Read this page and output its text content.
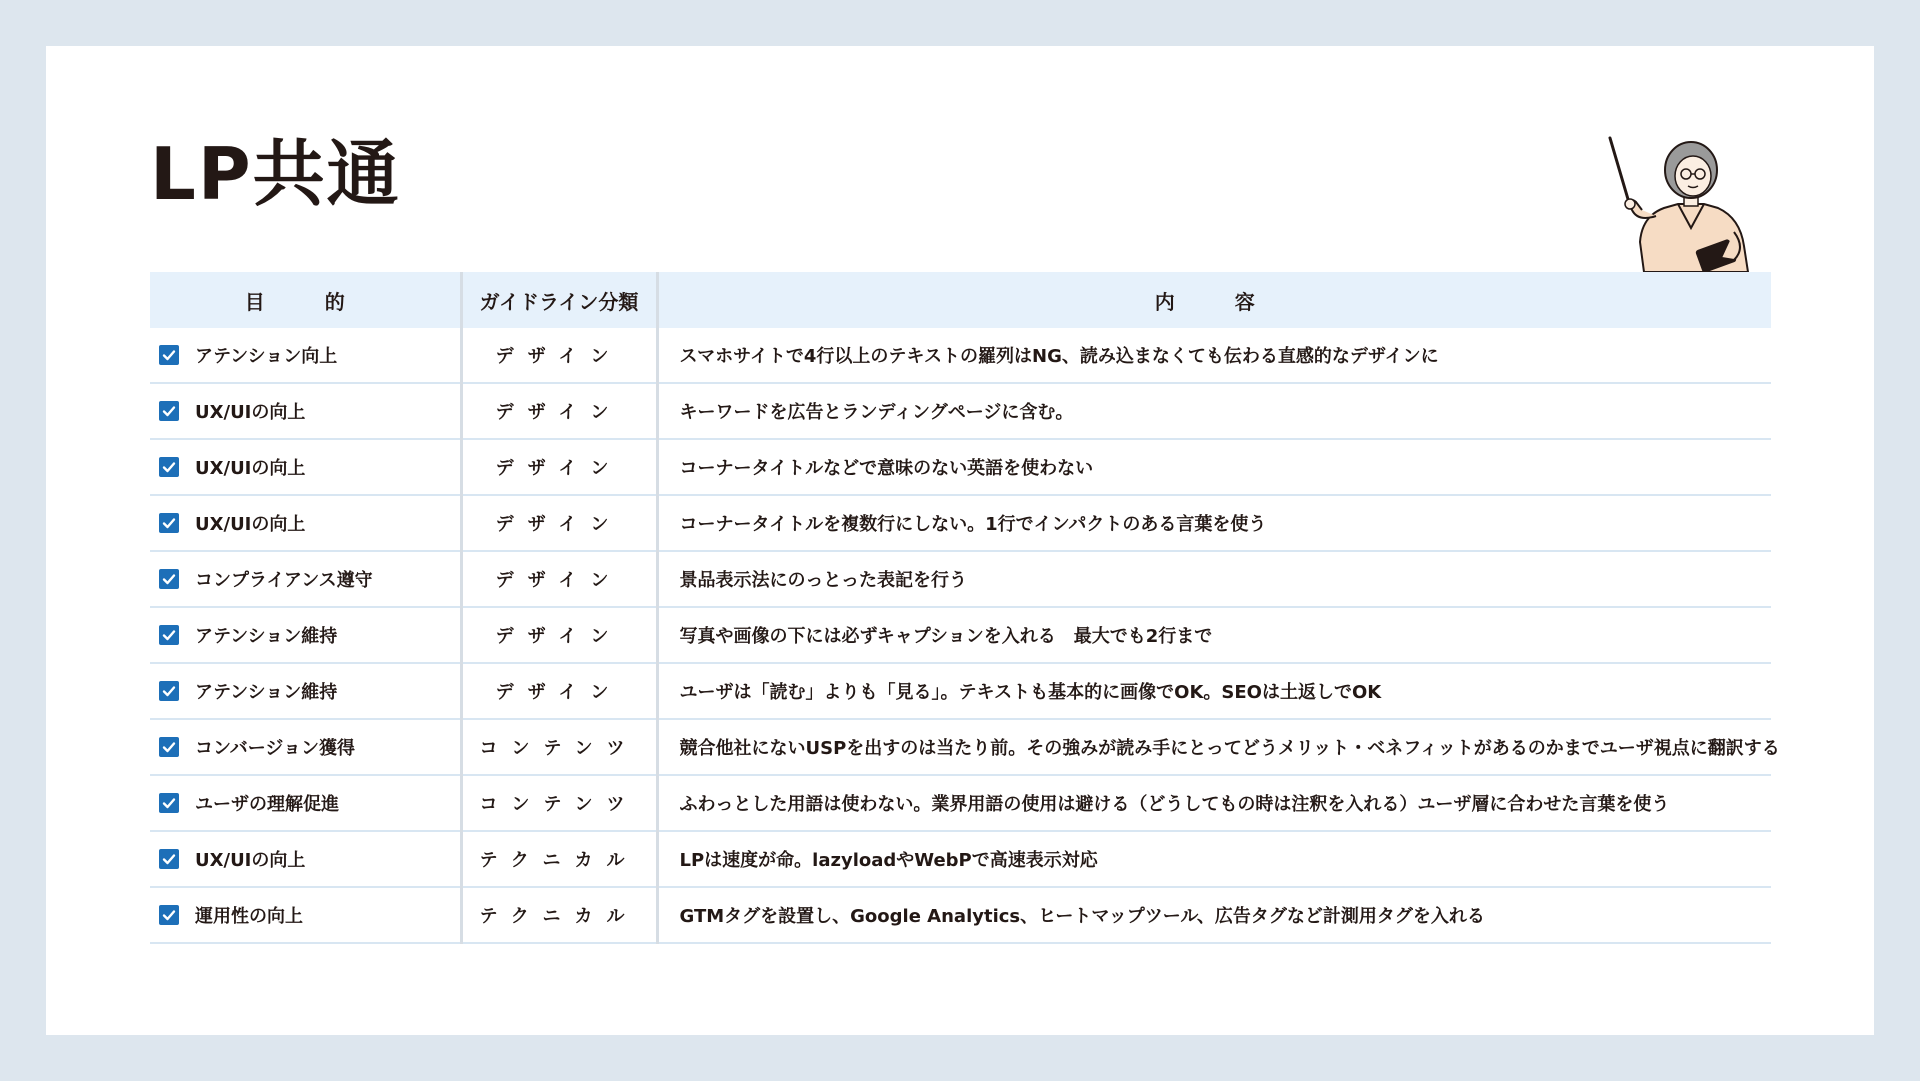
LP共通
目　的	ガイドライン分類	内　容

アテンション向上	デザイン	スマホサイトで4行以上のテキストの羅列はNG、読み込まなくても伝わる直感的なデザインに

UX/UIの向上	デザイン	キーワードを広告とランディングページに含む。

UX/UIの向上	デザイン	コーナータイトルなどで意味のない英語を使わない

UX/UIの向上	デザイン	コーナータイトルを複数行にしない。1行でインパクトのある言葉を使う

コンプライアンス遵守	デザイン	景品表示法にのっとった表記を行う

アテンション維持	デザイン	写真や画像の下には必ずキャプションを入れる　最大でも2行まで

アテンション維持	デザイン	ユーザは「読む」よりも「見る」。テキストも基本的に画像でOK。SEOは土返しでOK

コンバージョン獲得	コンテンツ	競合他社にないUSPを出すのは当たり前。その強みが読み手にとってどうメリット・ベネフィットがあるのかまでユーザ視点に翻訳する

ユーザの理解促進	コンテンツ	ふわっとした用語は使わない。業界用語の使用は避ける（どうしてもの時は注釈を入れる）ユーザ層に合わせた言葉を使う

UX/UIの向上	テクニカル	LPは速度が命。lazyloadやWebPで高速表示対応

運用性の向上	テクニカル	GTMタグを設置し、Google Analytics、ヒートマップツール、広告タグなど計測用タグを入れる
